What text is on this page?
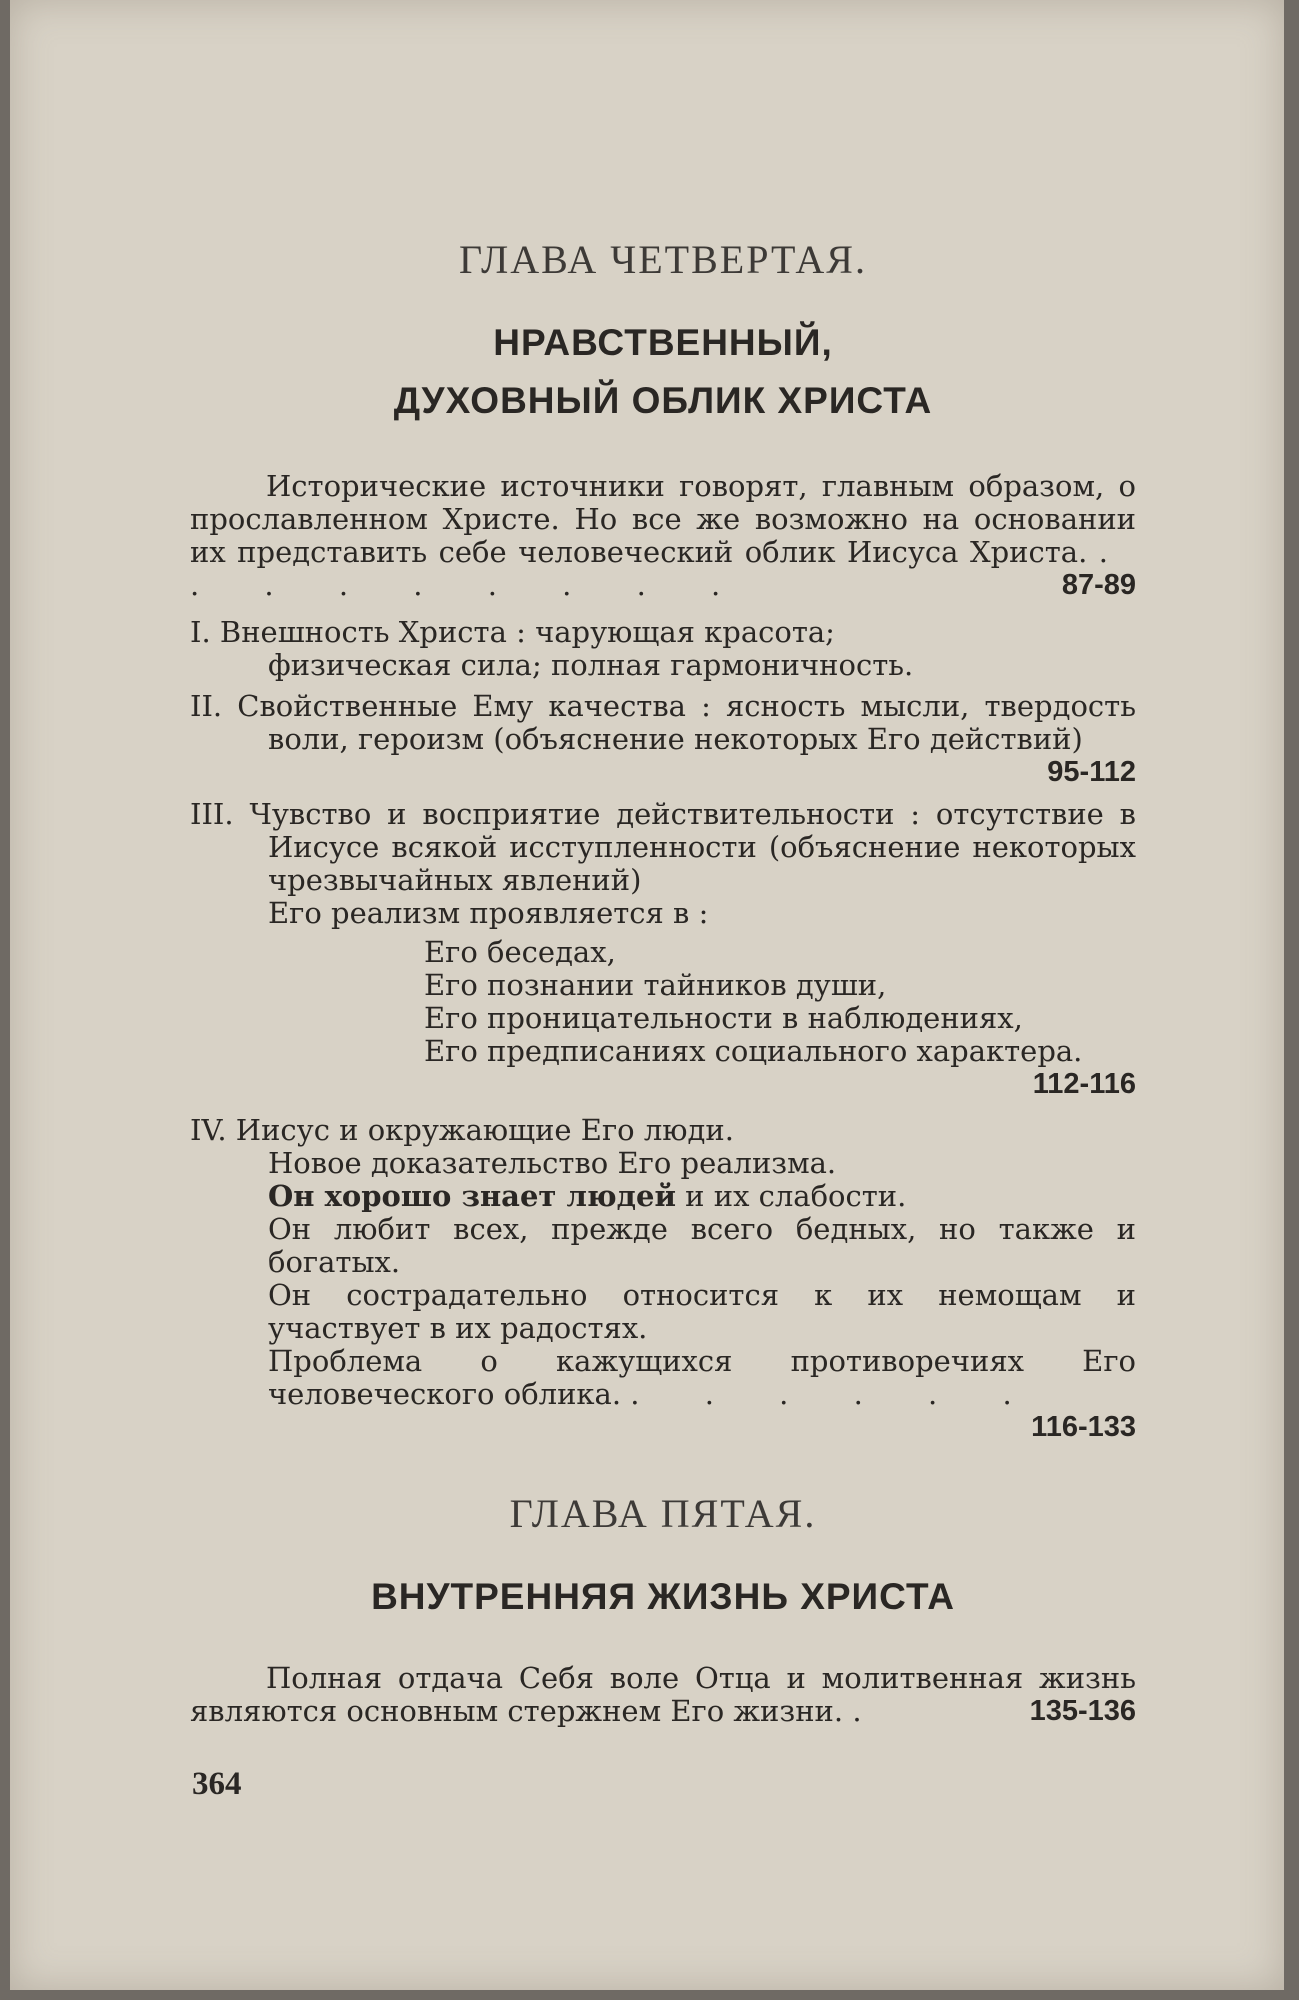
ГЛАВА ЧЕТВЕРТАЯ.
НРАВСТВЕННЫЙ,
ДУХОВНЫЙ ОБЛИК ХРИСТА
Исторические источники говорят, главным образом, о прославленном Христе. Но все же возможно на основании их представить себе человеческий облик Иисуса Христа. . . . . . . . . .	87-89
I. Внешность Христа : чарующая красота;
физическая сила; полная гармоничность.
II. Свойственные Ему качества : ясность мысли, твердость воли, героизм (объяснение некоторых Его действий)
95-112
III. Чувство и восприятие действительности : отсутствие в Иисусе всякой исступленности (объяснение некоторых чрезвычайных явлений)
Его реализм проявляется в :
Его беседах,
Его познании тайников души,
Его проницательности в наблюдениях,
Его предписаниях социального характера.
112-116
IV. Иисус и окружающие Его люди.
Новое доказательство Его реализма.
Он хорошо знает людей и их слабости.
Он любит всех, прежде всего бедных, но также и богатых.
Он сострадательно относится к их немощам и участвует в их радостях.
Проблема о кажущихся противоречиях Его человеческого облика. . . . . . .
116-133
ГЛАВА ПЯТАЯ.
ВНУТРЕННЯЯ ЖИЗНЬ ХРИСТА
Полная отдача Себя воле Отца и молитвенная жизнь являются основным стержнем Его жизни. .	135-136
364
